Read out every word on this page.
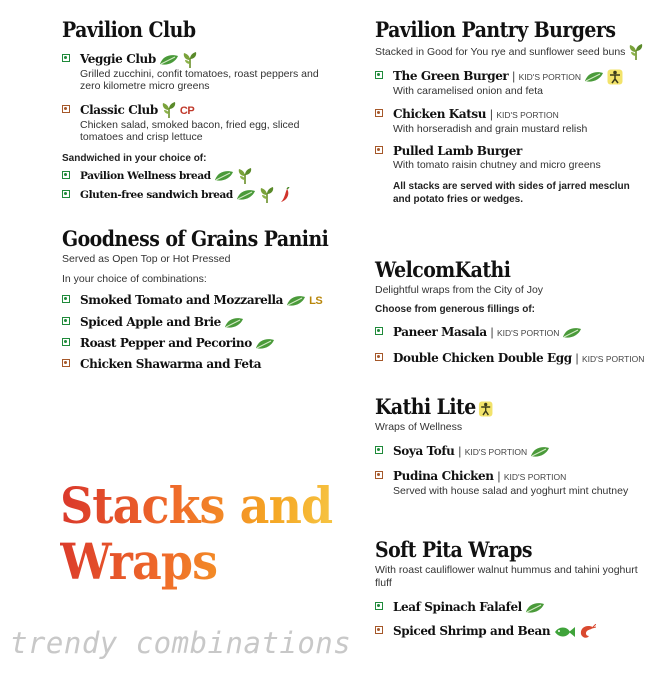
Pavilion Club
Veggie Club
Grilled zucchini, confit tomatoes, roast peppers and zero kilometre micro greens
Classic Club CP
Chicken salad, smoked bacon, fried egg, sliced tomatoes and crisp lettuce
Sandwiched in your choice of:
Pavilion Wellness bread
Gluten-free sandwich bread
Goodness of Grains Panini
Served as Open Top or Hot Pressed
In your choice of combinations:
Smoked Tomato and Mozzarella LS
Spiced Apple and Brie
Roast Pepper and Pecorino
Chicken Shawarma and Feta
Stacks and
Wraps
trendy combinations
Pavilion Pantry Burgers
Stacked in Good for You rye and sunflower seed buns
The Green Burger | KID'S PORTION
With caramelised onion and feta
Chicken Katsu | KID'S PORTION
With horseradish and grain mustard relish
Pulled Lamb Burger
With tomato raisin chutney and micro greens
All stacks are served with sides of jarred mesclun and potato fries or wedges.
WelcomKathi
Delightful wraps from the City of Joy
Choose from generous fillings of:
Paneer Masala | KID'S PORTION
Double Chicken Double Egg | KID'S PORTION
Kathi Lite
Wraps of Wellness
Soya Tofu | KID'S PORTION
Pudina Chicken | KID'S PORTION
Served with house salad and yoghurt mint chutney
Soft Pita Wraps
With roast cauliflower walnut hummus and tahini yoghurt fluff
Leaf Spinach Falafel
Spiced Shrimp and Bean
